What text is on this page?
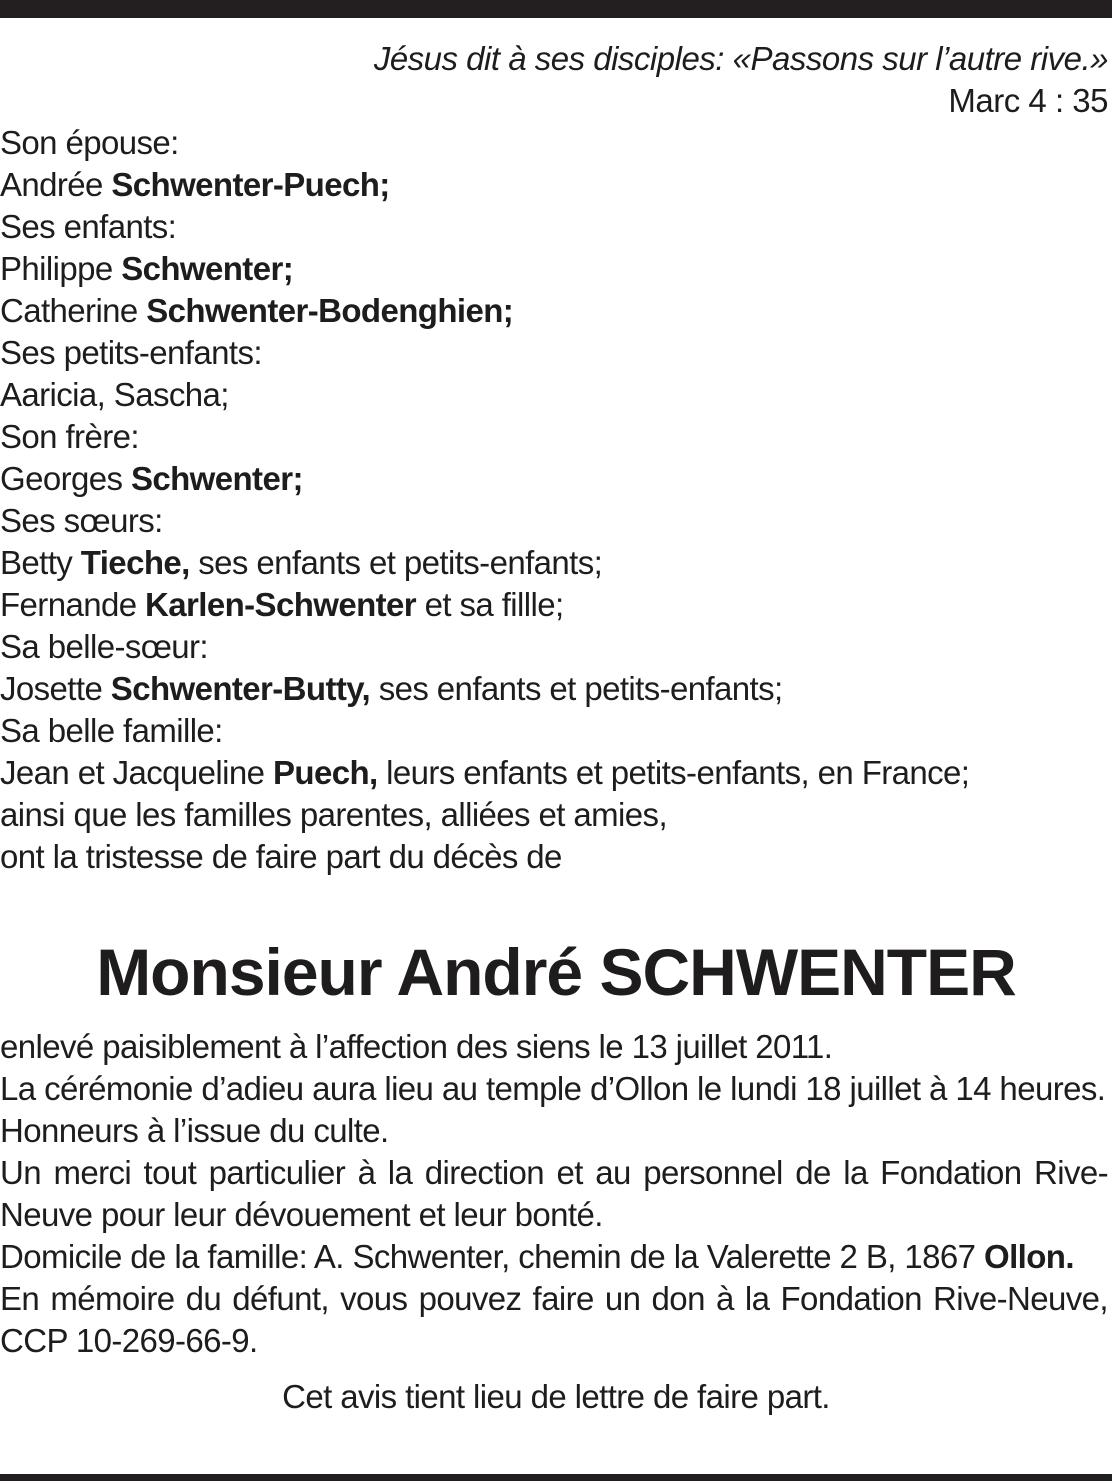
Jésus dit à ses disciples: «Passons sur l’autre rive.»
Marc 4 : 35
Son épouse:
Andrée Schwenter-Puech;
Ses enfants:
Philippe Schwenter;
Catherine Schwenter-Bodenghien;
Ses petits-enfants:
Aaricia, Sascha;
Son frère:
Georges Schwenter;
Ses sœurs:
Betty Tieche, ses enfants et petits-enfants;
Fernande Karlen-Schwenter et sa fillle;
Sa belle-sœur:
Josette Schwenter-Butty, ses enfants et petits-enfants;
Sa belle famille:
Jean et Jacqueline Puech, leurs enfants et petits-enfants, en France;
ainsi que les familles parentes, alliées et amies,
ont la tristesse de faire part du décès de
Monsieur André SCHWENTER

enlevé paisiblement à l’affection des siens le 13 juillet 2011.

La cérémonie d’adieu aura lieu au temple d’Ollon le lundi 18 juillet à 14 heures.

Honneurs à l’issue du culte.

Un merci tout particulier à la direction et au personnel de la Fondation Rive-Neuve pour leur dévouement et leur bonté.

Domicile de la famille: A. Schwenter, chemin de la Valerette 2 B, 1867 Ollon.

En mémoire du défunt, vous pouvez faire un don à la Fondation Rive-Neuve, CCP 10-269-66-9.

Cet avis tient lieu de lettre de faire part.
